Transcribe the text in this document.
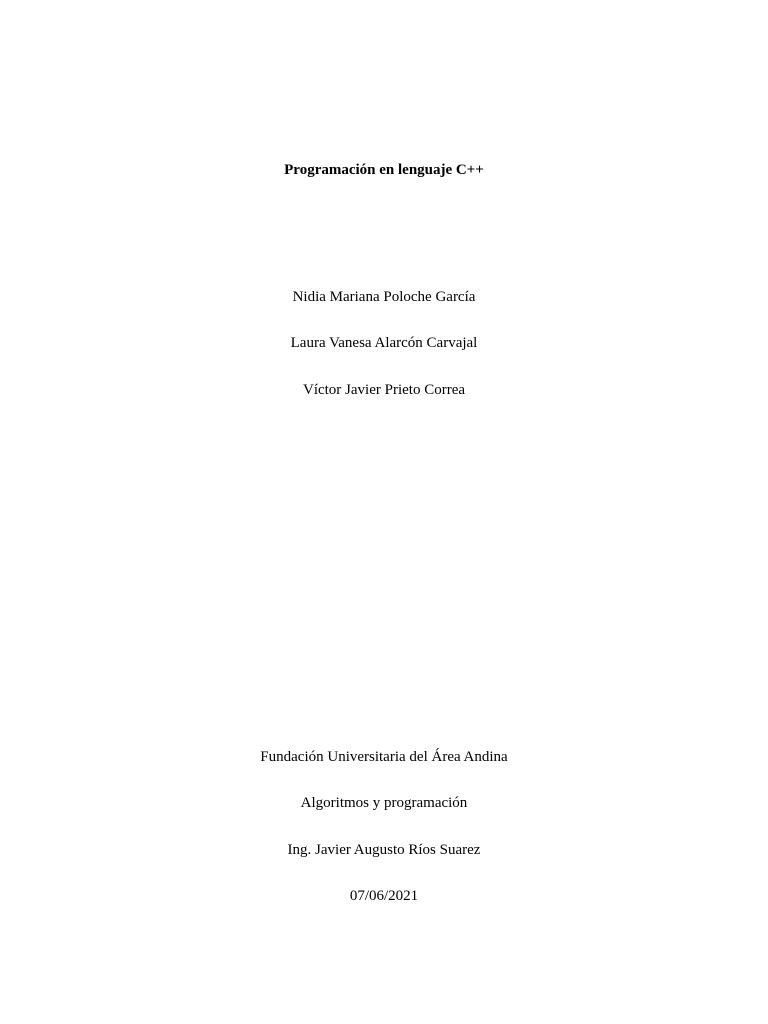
Programación en lenguaje C++
Nidia Mariana Poloche García
Laura Vanesa Alarcón Carvajal
Víctor Javier Prieto Correa
Fundación Universitaria del Área Andina
Algoritmos y programación
Ing. Javier Augusto Ríos Suarez
07/06/2021
